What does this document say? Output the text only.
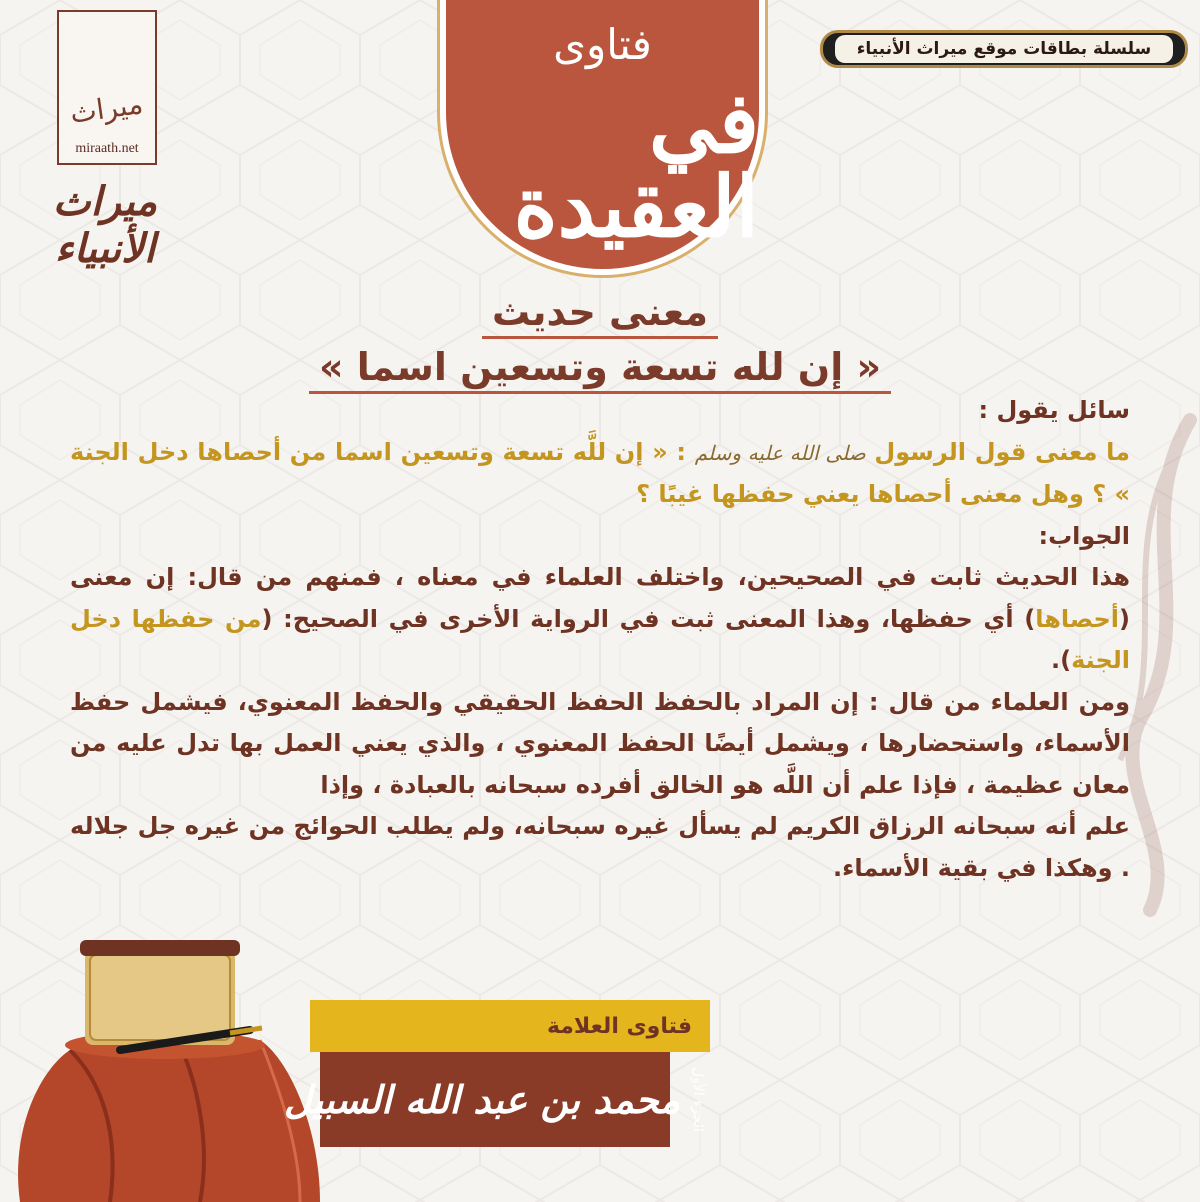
ميراث
miraath.net
ميراث الأنبياء
سلسلة بطاقات موقع ميراث الأنبياء
فتاوى
في العقيدة
معنى حديث
« إن لله تسعة وتسعين اسما »

سائل يقول :

ما معنى قول الرسول صلى الله عليه وسلم : « إن للَّه تسعة وتسعين اسما من أحصاها دخل الجنة » ؟ وهل معنى أحصاها يعني حفظها غيبًا ؟

الجواب:

هذا الحديث ثابت في الصحيحين، واختلف العلماء في معناه ، فمنهم من قال: إن معنى (أحصاها) أي حفظها، وهذا المعنى ثبت في الرواية الأخرى في الصحيح: (من حفظها دخل الجنة).

ومن العلماء من قال : إن المراد بالحفظ الحفظ الحقيقي والحفظ المعنوي، فيشمل حفظ الأسماء، واستحضارها ، ويشمل أيضًا الحفظ المعنوي ، والذي يعني العمل بها تدل عليه من معان عظيمة ، فإذا علم أن اللَّه هو الخالق أفرده سبحانه بالعبادة ، وإذا

علم أنه سبحانه الرزاق الكريم لم يسأل غيره سبحانه، ولم يطلب الحوائج من غيره جل جلاله . وهكذا في بقية الأسماء.

فتاوى العلامة
الجزء الأول
محمد بن عبد الله السبيل
